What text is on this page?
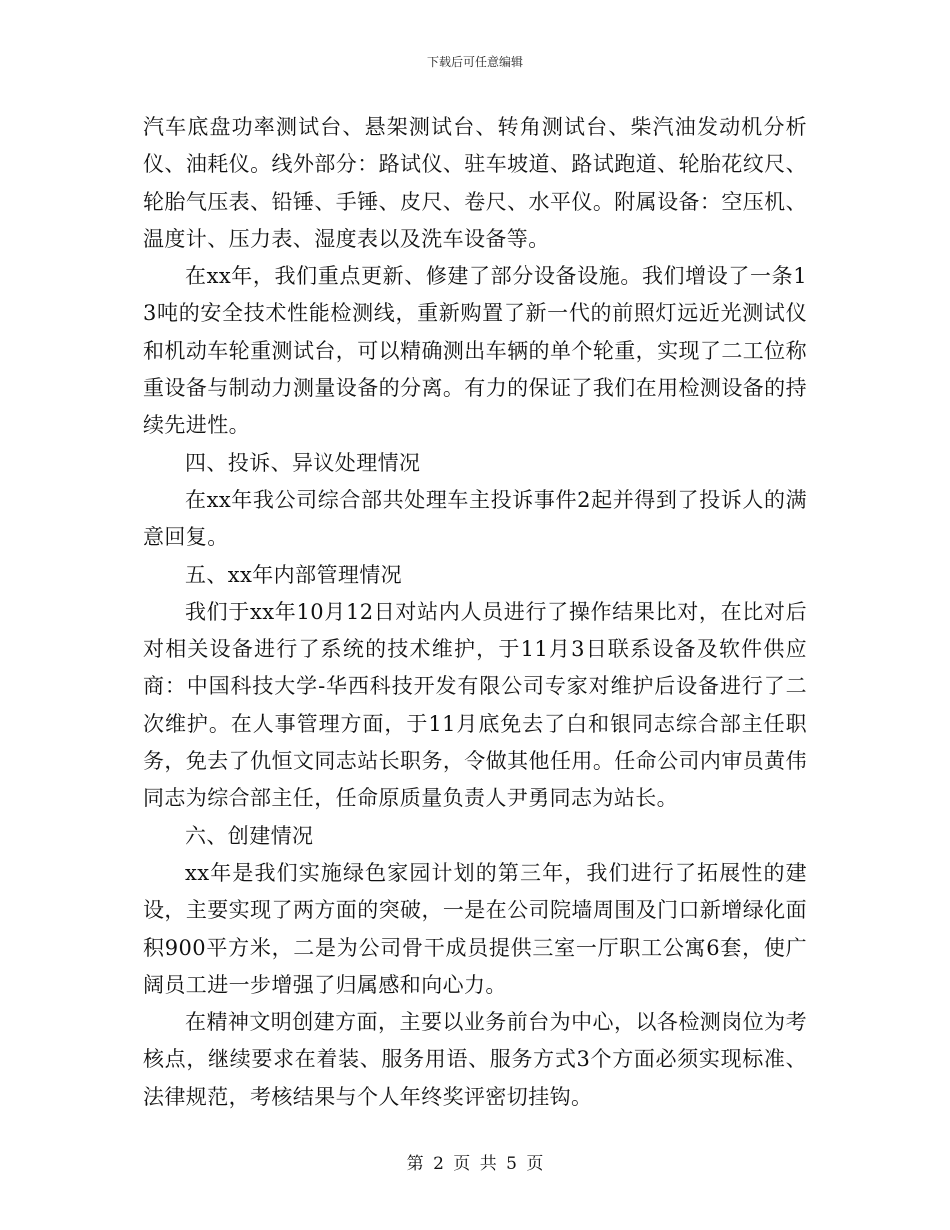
下载后可任意编辑

汽车底盘功率测试台、悬架测试台、转角测试台、柴汽油发动机分析仪、油耗仪。线外部分：路试仪、驻车坡道、路试跑道、轮胎花纹尺、轮胎气压表、铅锤、手锤、皮尺、卷尺、水平仪。附属设备：空压机、温度计、压力表、湿度表以及洗车设备等。

在xx年，我们重点更新、修建了部分设备设施。我们增设了一条13吨的安全技术性能检测线，重新购置了新一代的前照灯远近光测试仪和机动车轮重测试台，可以精确测出车辆的单个轮重，实现了二工位称重设备与制动力测量设备的分离。有力的保证了我们在用检测设备的持续先进性。

四、投诉、异议处理情况

在xx年我公司综合部共处理车主投诉事件2起并得到了投诉人的满意回复。

五、xx年内部管理情况

我们于xx年10月12日对站内人员进行了操作结果比对，在比对后对相关设备进行了系统的技术维护，于11月3日联系设备及软件供应商：中国科技大学-华西科技开发有限公司专家对维护后设备进行了二次维护。在人事管理方面，于11月底免去了白和银同志综合部主任职务，免去了仇恒文同志站长职务，令做其他任用。任命公司内审员黄伟同志为综合部主任，任命原质量负责人尹勇同志为站长。

六、创建情况

xx年是我们实施绿色家园计划的第三年，我们进行了拓展性的建设，主要实现了两方面的突破，一是在公司院墙周围及门口新增绿化面积900平方米，二是为公司骨干成员提供三室一厅职工公寓6套，使广阔员工进一步增强了归属感和向心力。

在精神文明创建方面，主要以业务前台为中心，以各检测岗位为考核点，继续要求在着装、服务用语、服务方式3个方面必须实现标准、法律规范，考核结果与个人年终奖评密切挂钩。

第 2 页 共 5 页
